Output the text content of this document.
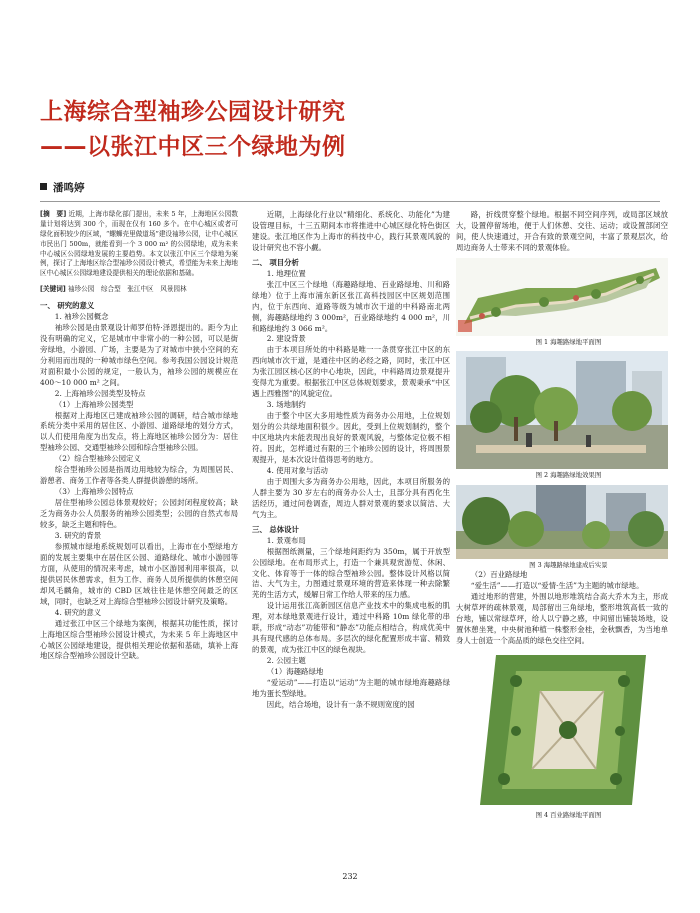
上海综合型袖珍公园设计研究
——以张江中区三个绿地为例
潘鸣婷

[摘　要] 近期，上海市绿化部门提出，未来 5 年，上海地区公园数量计划将达到 300 个，而现在仅有 160 多个。在中心城区或者可绿化面积较少的区域，“螺蛳壳里做道场”建设袖珍公园，让中心城区市民出门 500m，就能看到一个 3 000 m² 的公园绿地，成为未来中心城区公园绿地发展的主要趋势。本文以张江中区三个绿地为案例，探讨了上海地区综合型袖珍公园设计模式，希望能为未来上海地区中心城区公园绿地建设提供相关的理论依据和基础。

[关键词] 袖珍公园　综合型　张江中区　风景园林

一、 研究的意义

1. 袖珍公园概念

袖珍公园是由景观设计师罗伯特·泽恩提出的。距今为止没有明确的定义，它是城市中非常小的一种公园，可以是街旁绿地，小游园、广场，主要是为了对城市中狭小空间的充分利用而出现的一种城市绿色空间。参考我国公园设计规范对面积最小公园的规定，一般认为，袖珍公园的规模应在 400～10 000 m² 之间。

2. 上海袖珍公园类型及特点

（1）上海袖珍公园类型

根据对上海地区已建成袖珍公园的调研，结合城市绿地系统分类中采用的居住区、小游园、道路绿地的划分方式，以人们使用角度为出发点，将上海地区袖珍公园分为：居住型袖珍公园、交通型袖珍公园和综合型袖珍公园。

（2）综合型袖珍公园定义

综合型袖珍公园是指周边用地较为综合，为周围居民、游憩者、商务工作者等各类人群提供游憩的场所。

（3）上海袖珍公园特点

居住型袖珍公园总体景观较好；公园封闭程度较高；缺乏为商务办公人员服务的袖珍公园类型；公园的自然式布局较多，缺乏主题和特色。

3. 研究的背景

参照城市绿地系统规划可以看出，上海市在小型绿地方面的发展主要集中在居住区公园、道路绿化、城市小游园等方面，从使用的情况来考虑，城市小区游园利用率很高，以提供居民休憩需求，但为工作、商务人员所提供的休憩空间却风毛麟角，城市的 CBD 区域往往是休憩空间最乏的区域，同时，也缺乏对上海综合型袖珍公园设计研究及策略。

4. 研究的意义

通过张江中区三个绿地为案例，根据其功能性质，探讨上海地区综合型袖珍公园设计模式，为未来 5 年上海地区中心城区公园绿地建设，提供相关理论依据和基础，填补上海地区综合型袖珍公园设计空缺。

近期，上海绿化行业以“精细化、系统化、功能化”为建设管理目标，十三五期间本市将推进中心城区绿化特色街区建设。张江地区作为上海市的科技中心，践行其景观风貌的设计研究也不容小觑。

二、 项目分析

1. 地理位置

张江中区三个绿地（海趣路绿地、百业路绿地、川和路绿地）位于上海市浦东新区张江高科技园区中区规划范围内，位于东西向、道路等级为城市次干道的中科路南北两侧，海趣路绿地约 3 000m²，百业路绿地约 4 000 m²，川和路绿地约 3 066 m²。

2. 建设背景

由于本项目所处的中科路是唯一一条贯穿张江中区的东西向城市次干道，是通往中区的必经之路，同时，张江中区为张江园区核心区的中心地块，因此，中科路周边景观提升变得尤为重要。根据张江中区总体规划要求，景观秉承“中区遇上西雅图”的风貌定位。

3. 场地制约

由于整个中区大多用地性质为商务办公用地，上位规划划分的公共绿地面积很少。因此，受到上位规划制约，整个中区地块内未能表现出良好的景观风貌，与整体定位极不相符。因此，怎样通过有限的三个袖珍公园的设计，将周围景观提升，是本次设计值得思考的地方。

4. 使用对象与活动

由于周围大多为商务办公用地，因此，本项目所服务的人群主要为 30 岁左右的商务办公人士，且部分具有西化生活经历，通过问卷调查，周边人群对景观的要求以简洁、大气为主。

三、 总体设计

1. 景观布局

根据图纸测量，三个绿地间距约为 350m，属于开放型公园绿地。在布局形式上，打造一个兼具观赏游览、休闲、文化、体育等于一体的综合型袖珍公园。整体设计风格以简洁、大气为主，力图通过景观环境的营造来体现一种去除繁芜的生活方式，缓解日常工作给人带来的压力感。

设计运用张江高新园区信息产业技术中的集成电板的肌理，对本绿地景观进行设计，通过中科路 10m 绿化带的串联，形成“动态”功能带和“静态”功能点相结合，构成优美中具有现代感的总体布局。多层次的绿化配置形成丰富、精致的景观，成为张江中区的绿色视块。

2. 公园主题

（1）海趣路绿地

“爱运动”——打造以“运动”为主题的城市绿地海趣路绿地为蛋长型绿地。

因此，结合场地，设计有一条不规则宽度的园

路，折线贯穿整个绿地。根据不同空间序列，或局部区域放大，设置停留场地，便于人们休憩、交往、运动；或设置部闭空间，使人快速通过，开合有致的景观空间，丰富了景观层次，给周边商务人士带来不同的景观体验。

图 1 海趣路绿地平面图

图 2 海趣路绿地效果图

图 3 海趣路绿地建成后实景

（2）百业路绿地

“爱生活”——打造以“爱情·生活”为主题的城市绿地。

通过地形的营建，外围以地形堆筑结合高大乔木为主，形成大树草坪的疏林景观，局部留出三角绿地，整形堆筑高低一致的台地，铺以常绿草坪，给人以宁静之感，中间留出铺装场地，设置休憩坐凳，中央树池种植一株整形金桂，金秋飘香，为当地单身人士创造一个高品质的绿色交往空间。

图 4 百业路绿地平面图

232
